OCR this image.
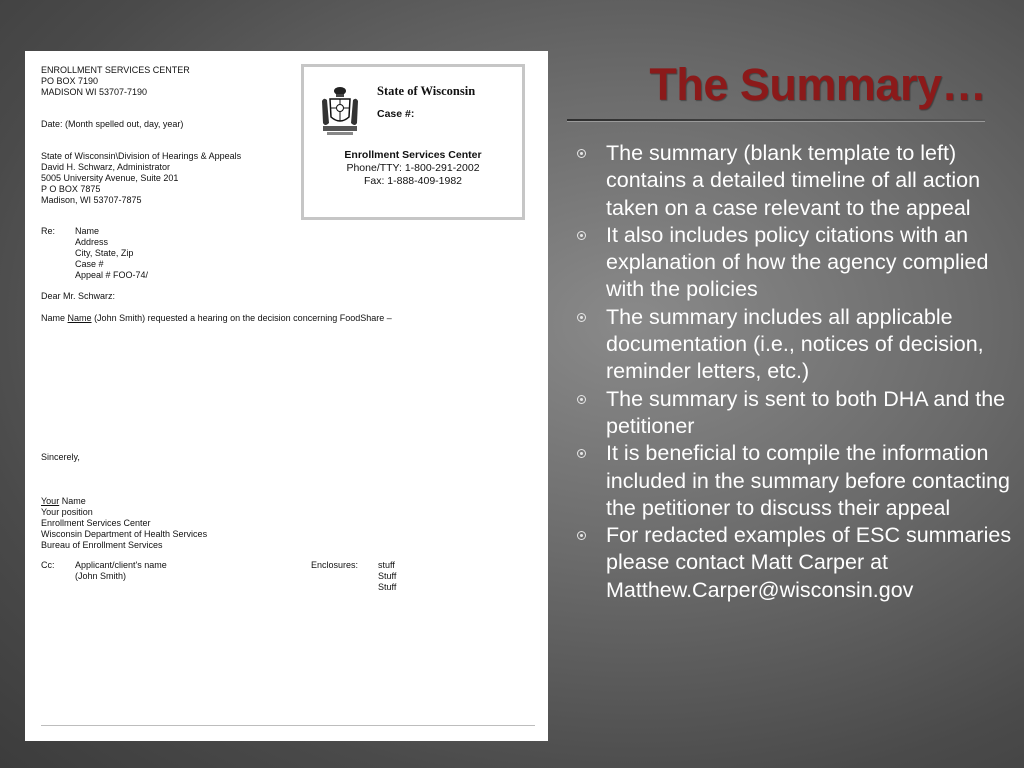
ENROLLMENT SERVICES CENTER
PO BOX 7190
MADISON WI 53707-7190
Date: (Month spelled out, day, year)
State of Wisconsin\Division of Hearings & Appeals
David H. Schwarz, Administrator
5005 University Avenue, Suite 201
P O BOX 7875
Madison, WI 53707-7875
Re: Name
Address
City, State, Zip
Case #
Appeal # FOO-74/
Dear Mr. Schwarz:
Name Name (John Smith) requested a hearing on the decision concerning FoodShare –
Sincerely,
Your Name
Your position
Enrollment Services Center
Wisconsin Department of Health Services
Bureau of Enrollment Services
Cc: Applicant/client's name
(John Smith)
Enclosures: stuff
Stuff
Stuff
State of Wisconsin
Case #:
Enrollment Services Center
Phone/TTY: 1-800-291-2002
Fax: 1-888-409-1982
The Summary…
The summary (blank template to left) contains a detailed timeline of all action taken on a case relevant to the appeal
It also includes policy citations with an explanation of how the agency complied with the policies
The summary includes all applicable documentation (i.e., notices of decision, reminder letters, etc.)
The summary is sent to both DHA and the petitioner
It is beneficial to compile the information included in the summary before contacting the petitioner to discuss their appeal
For redacted examples of ESC summaries please contact Matt Carper at Matthew.Carper@wisconsin.gov
